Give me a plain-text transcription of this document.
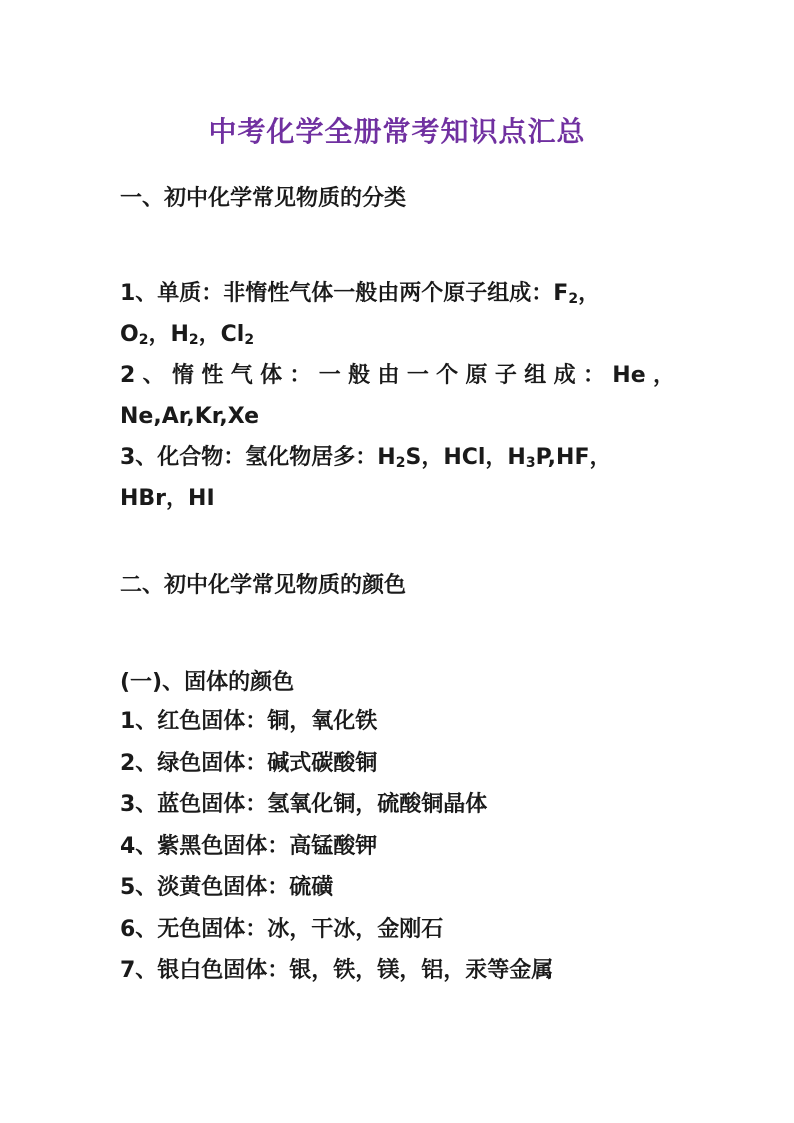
中考化学全册常考知识点汇总
一、初中化学常见物质的分类
1、单质：非惰性气体一般由两个原子组成：$F_2$，
$O_2$，$H_2$，$Cl_2$
2、惰性气体：一般由一个原子组成：He，
Ne,Ar,Kr,Xe
3、化合物：氢化物居多：$H_2S$，HCl，$H_3P,HF$，
HBr，HI
二、初中化学常见物质的颜色
(一)、固体的颜色
1、红色固体：铜，氧化铁
2、绿色固体：碱式碳酸铜
3、蓝色固体：氢氧化铜，硫酸铜晶体
4、紫黑色固体：高锰酸钾
5、淡黄色固体：硫磺
6、无色固体：冰，干冰，金刚石
7、银白色固体：银，铁，镁，铝，汞等金属
